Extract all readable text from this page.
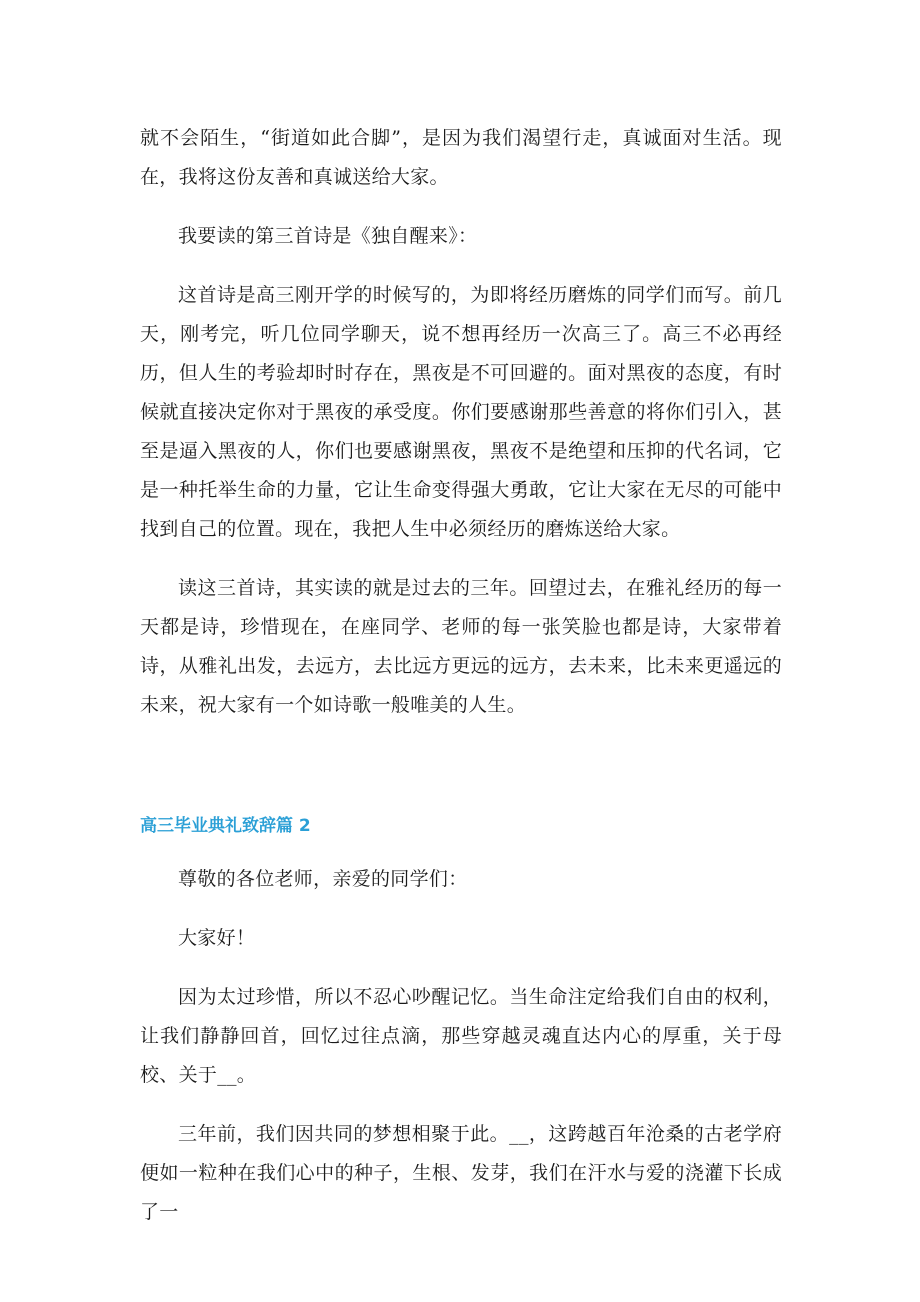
就不会陌生，“街道如此合脚”，是因为我们渴望行走，真诚面对生活。现在，我将这份友善和真诚送给大家。

我要读的第三首诗是《独自醒来》：

这首诗是高三刚开学的时候写的，为即将经历磨炼的同学们而写。前几天，刚考完，听几位同学聊天，说不想再经历一次高三了。高三不必再经历，但人生的考验却时时存在，黑夜是不可回避的。面对黑夜的态度，有时候就直接决定你对于黑夜的承受度。你们要感谢那些善意的将你们引入，甚至是逼入黑夜的人，你们也要感谢黑夜，黑夜不是绝望和压抑的代名词，它是一种托举生命的力量，它让生命变得强大勇敢，它让大家在无尽的可能中找到自己的位置。现在，我把人生中必须经历的磨炼送给大家。

读这三首诗，其实读的就是过去的三年。回望过去，在雅礼经历的每一天都是诗，珍惜现在，在座同学、老师的每一张笑脸也都是诗，大家带着诗，从雅礼出发，去远方，去比远方更远的远方，去未来，比未来更遥远的未来，祝大家有一个如诗歌一般唯美的人生。

高三毕业典礼致辞篇 2

尊敬的各位老师，亲爱的同学们：

大家好！

因为太过珍惜，所以不忍心吵醒记忆。当生命注定给我们自由的权利，让我们静静回首，回忆过往点滴，那些穿越灵魂直达内心的厚重，关于母校、关于__。

三年前，我们因共同的梦想相聚于此。__，这跨越百年沧桑的古老学府便如一粒种在我们心中的种子，生根、发芽，我们在汗水与爱的浇灌下长成了一
